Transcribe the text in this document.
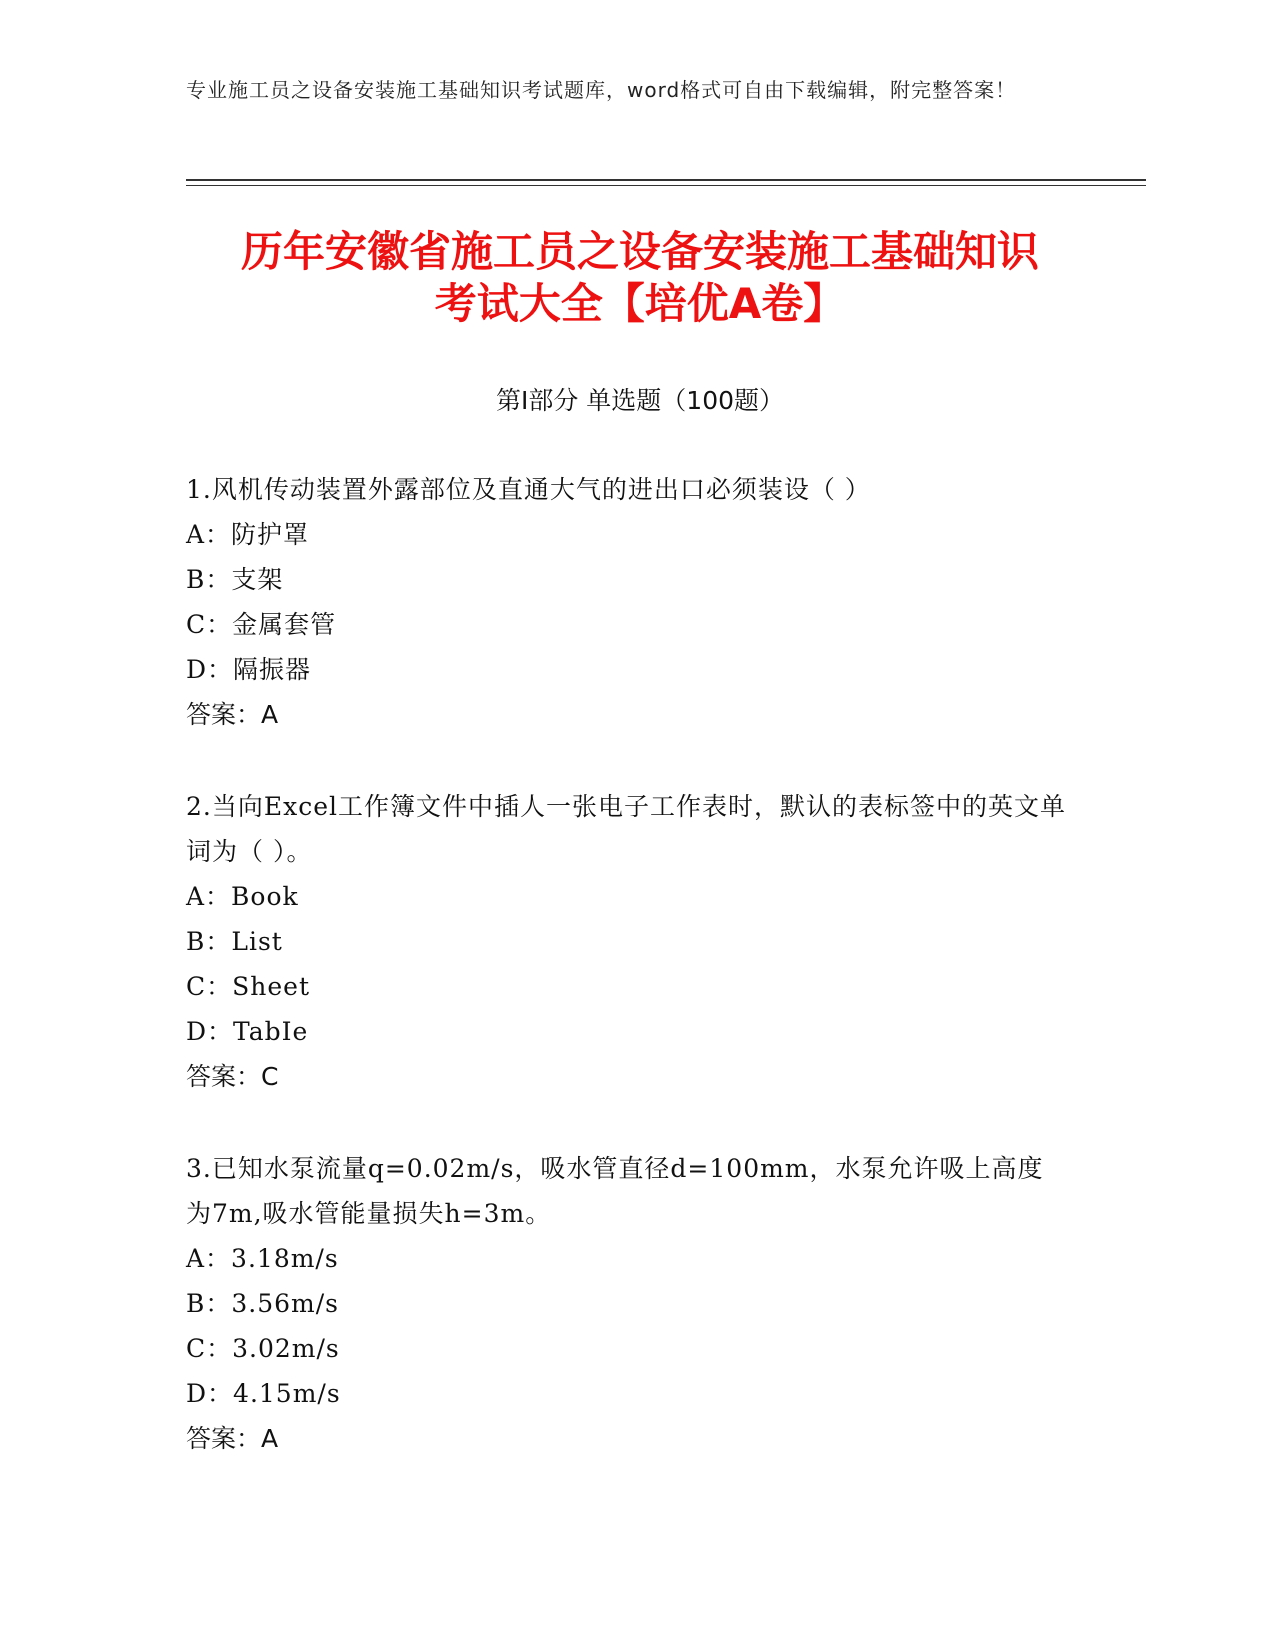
专业施工员之设备安装施工基础知识考试题库，word格式可自由下载编辑，附完整答案！
历年安徽省施工员之设备安装施工基础知识
考试大全【培优A卷】
第I部分 单选题（100题）

1.风机传动装置外露部位及直通大气的进出口必须装设（ ）

A：防护罩

B：支架

C：金属套管

D：隔振器

答案：A

2.当向Excel工作簿文件中插人一张电子工作表时，默认的表标签中的英文单词为（ ）。

A：Book

B：List

C：Sheet

D：TabIe

答案：C

3.已知水泵流量q=0.02m/s，吸水管直径d=100mm，水泵允许吸上高度为7m,吸水管能量损失h=3m。

A：3.18m/s

B：3.56m/s

C：3.02m/s

D：4.15m/s

答案：A
